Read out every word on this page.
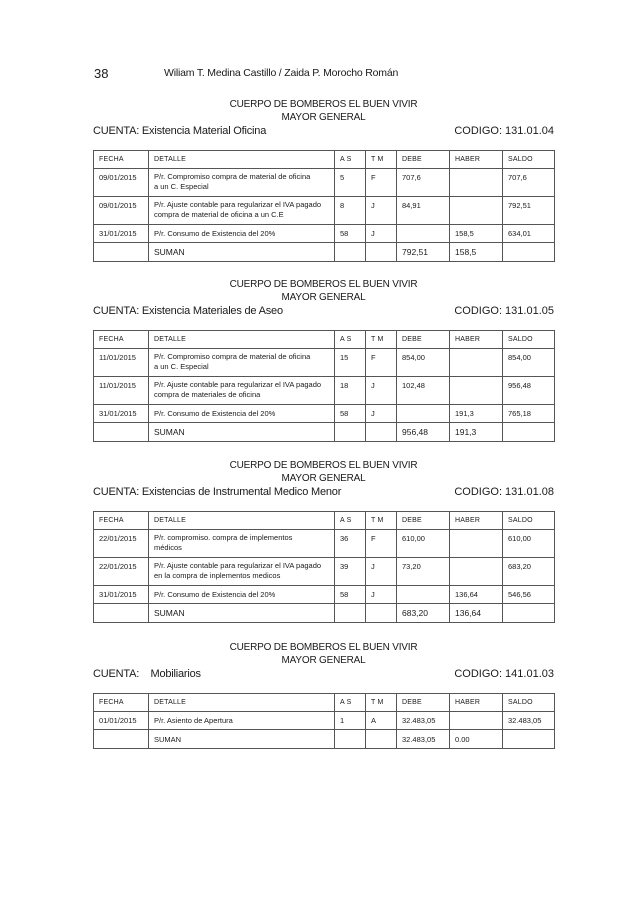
38	Wiliam T. Medina Castillo / Zaida P. Morocho Román
CUERPO DE BOMBEROS EL BUEN VIVIR
MAYOR GENERAL
CUENTA: Existencia Material Oficina	CODIGO: 131.01.04
FECHA	DETALLE	A S	T M	DEBE	HABER	SALDO
09/01/2015	P/r. Compromiso compra de material de oficina
a un C. Especial	5	F	707,6		707,6
09/01/2015	P/r. Ajuste contable para regularizar el IVA pagado
compra de material de oficina a un C.E	8	J	84,91		792,51
31/01/2015	P/r. Consumo de Existencia del 20%	58	J		158,5	634,01
	SUMAN			792,51	158,5	
CUERPO DE BOMBEROS EL BUEN VIVIR
MAYOR GENERAL
CUENTA: Existencia Materiales de Aseo	CODIGO: 131.01.05
FECHA	DETALLE	A S	T M	DEBE	HABER	SALDO
11/01/2015	P/r. Compromiso compra de material de oficina
a un C. Especial	15	F	854,00		854,00
11/01/2015	P/r. Ajuste contable para regularizar el IVA pagado
compra de materiales de oficina	18	J	102,48		956,48
31/01/2015	P/r. Consumo de Existencia del 20%	58	J		191,3	765,18
	SUMAN			956,48	191,3	
CUERPO DE BOMBEROS EL BUEN VIVIR
MAYOR GENERAL
CUENTA: Existencias de Instrumental Medico Menor	CODIGO: 131.01.08
FECHA	DETALLE	A S	T M	DEBE	HABER	SALDO
22/01/2015	P/r. compromiso. compra de implementos
médicos	36	F	610,00		610,00
22/01/2015	P/r. Ajuste contable para regularizar el IVA pagado
en la compra de inplementos medicos	39	J	73,20		683,20
31/01/2015	P/r. Consumo de Existencia del 20%	58	J		136,64	546,56
	SUMAN			683,20	136,64	
CUERPO DE BOMBEROS EL BUEN VIVIR
MAYOR GENERAL
CUENTA:    Mobiliarios	CODIGO: 141.01.03
FECHA	DETALLE	A S	T M	DEBE	HABER	SALDO
01/01/2015	P/r. Asiento de Apertura	1	A	32.483,05		32.483,05
	SUMAN			32.483,05	0.00	
